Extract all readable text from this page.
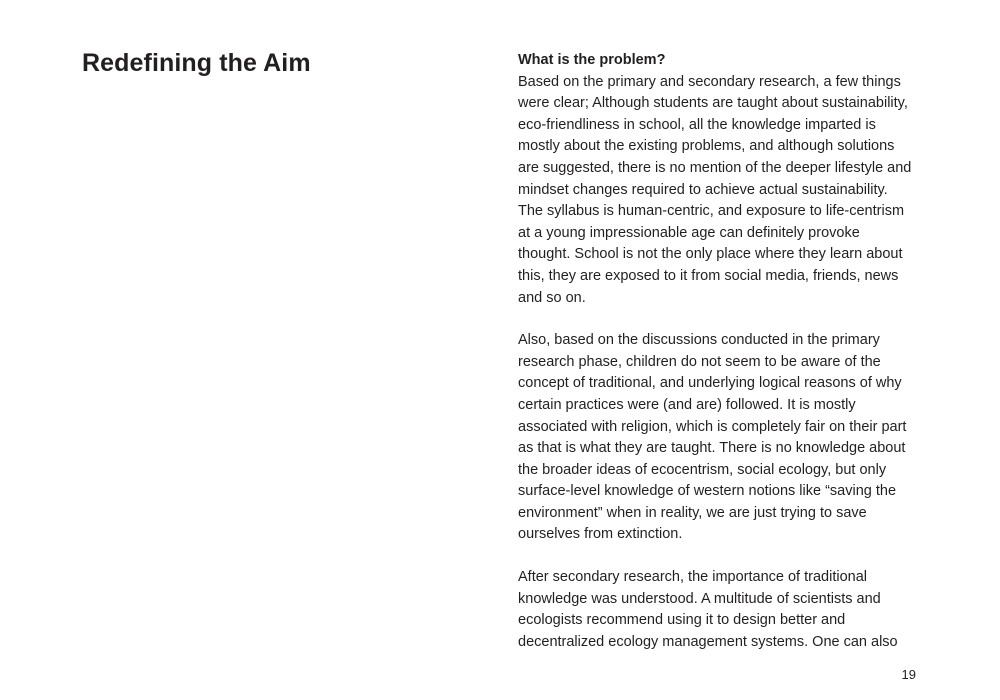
Redefining the Aim	What is the problem?

Based on the primary and secondary research, a few things were clear; Although students are taught about sustainability, eco-friendliness in school, all the knowledge imparted is mostly about the existing problems, and although solutions are suggested, there is no mention of the deeper lifestyle and mindset changes required to achieve actual sustainability. The syllabus is human-centric, and exposure to life-centrism at a young impressionable age can definitely provoke thought. School is not the only place where they learn about this, they are exposed to it from social media, friends, news and so on.

Also, based on the discussions conducted in the primary research phase, children do not seem to be aware of the concept of traditional, and underlying logical reasons of why certain practices were (and are) followed. It is mostly associated with religion, which is completely fair on their part as that is what they are taught. There is no knowledge about the broader ideas of ecocentrism, social ecology, but only surface-level knowledge of western notions like “saving the environment” when in reality, we are just trying to save ourselves from extinction.

After secondary research, the importance of traditional knowledge was understood. A multitude of scientists and ecologists recommend using it to design better and decentralized ecology management systems. One can also

19
